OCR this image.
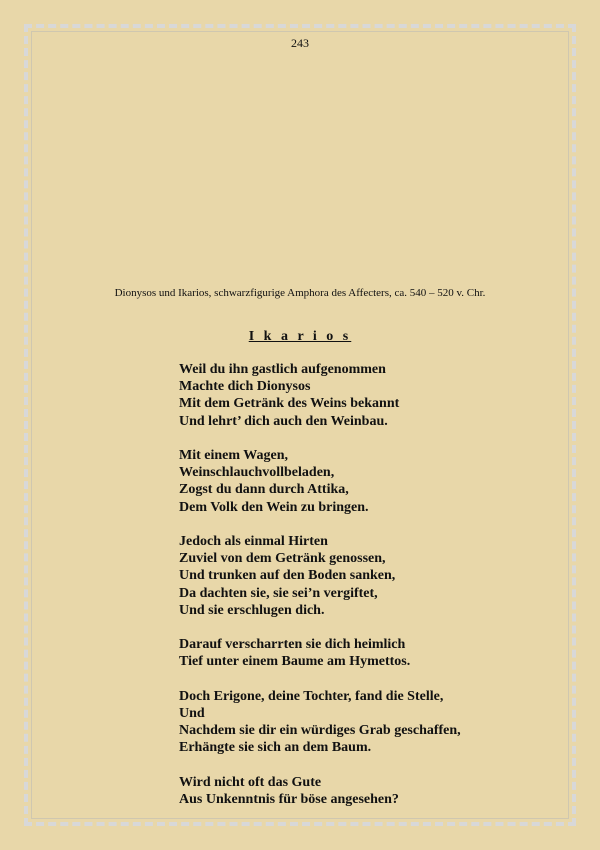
243
Dionysos und Ikarios, schwarzfigurige Amphora des Affecters, ca. 540 – 520 v. Chr.
I k a r i o s
Weil du ihn gastlich aufgenommen
Machte dich Dionysos
Mit dem Getränk des Weins bekannt
Und lehrt’ dich auch den Weinbau.
Mit einem Wagen,
Weinschlauchvollbeladen,
Zogst du dann durch Attika,
Dem Volk den Wein zu bringen.
Jedoch als einmal Hirten
Zuviel von dem Getränk genossen,
Und trunken auf den Boden sanken,
Da dachten sie, sie sei’n vergiftet,
Und sie erschlugen dich.
Darauf verscharrten sie dich heimlich
Tief unter einem Baume am Hymettos.
Doch Erigone, deine Tochter, fand die Stelle,
Und
Nachdem sie dir ein würdiges Grab geschaffen,
Erhängte sie sich an dem Baum.
Wird nicht oft das Gute
Aus Unkenntnis für böse angesehen?
